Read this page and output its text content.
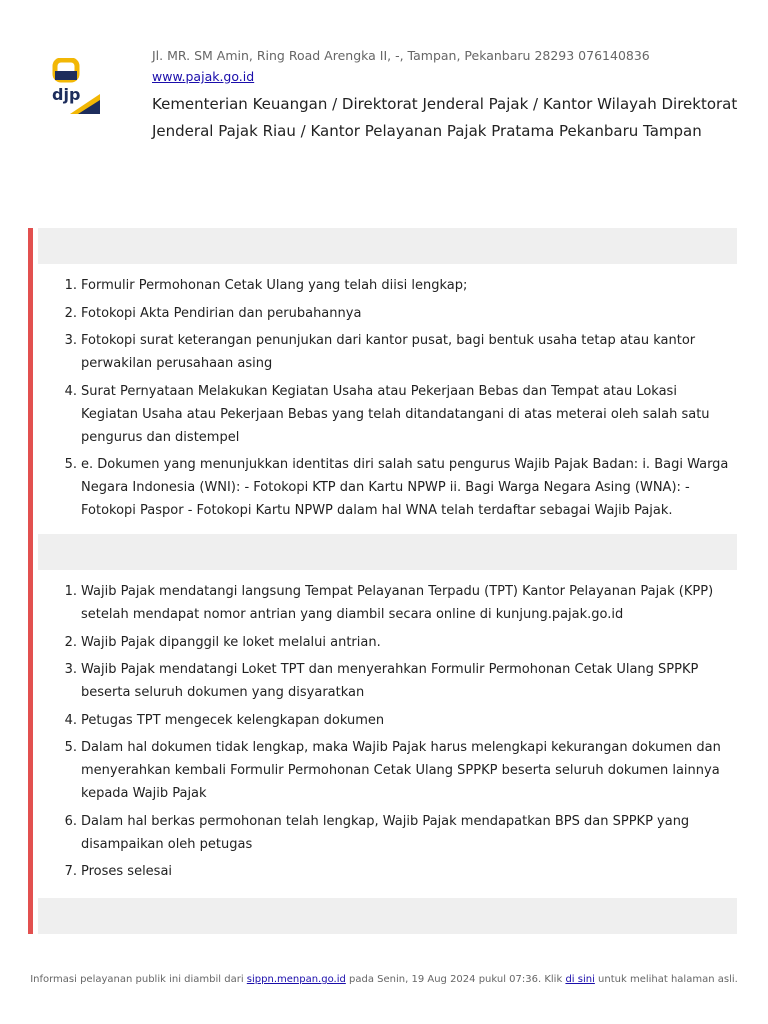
djp
Jl. MR. SM Amin, Ring Road Arengka II, -, Tampan, Pekanbaru 28293 076140836
www.pajak.go.id
Kementerian Keuangan / Direktorat Jenderal Pajak / Kantor Wilayah Direktorat Jenderal Pajak Riau / Kantor Pelayanan Pajak Pratama Pekanbaru Tampan
1. Formulir Permohonan Cetak Ulang yang telah diisi lengkap;
2. Fotokopi Akta Pendirian dan perubahannya
3. Fotokopi surat keterangan penunjukan dari kantor pusat, bagi bentuk usaha tetap atau kantor perwakilan perusahaan asing
4. Surat Pernyataan Melakukan Kegiatan Usaha atau Pekerjaan Bebas dan Tempat atau Lokasi Kegiatan Usaha atau Pekerjaan Bebas yang telah ditandatangani di atas meterai oleh salah satu pengurus dan distempel
5. e. Dokumen yang menunjukkan identitas diri salah satu pengurus Wajib Pajak Badan: i. Bagi Warga Negara Indonesia (WNI): - Fotokopi KTP dan Kartu NPWP ii. Bagi Warga Negara Asing (WNA): - Fotokopi Paspor - Fotokopi Kartu NPWP dalam hal WNA telah terdaftar sebagai Wajib Pajak.
1. Wajib Pajak mendatangi langsung Tempat Pelayanan Terpadu (TPT) Kantor Pelayanan Pajak (KPP) setelah mendapat nomor antrian yang diambil secara online di kunjung.pajak.go.id
2. Wajib Pajak dipanggil ke loket melalui antrian.
3. Wajib Pajak mendatangi Loket TPT dan menyerahkan Formulir Permohonan Cetak Ulang SPPKP beserta seluruh dokumen yang disyaratkan
4. Petugas TPT mengecek kelengkapan dokumen
5. Dalam hal dokumen tidak lengkap, maka Wajib Pajak harus melengkapi kekurangan dokumen dan menyerahkan kembali Formulir Permohonan Cetak Ulang SPPKP beserta seluruh dokumen lainnya kepada Wajib Pajak
6. Dalam hal berkas permohonan telah lengkap, Wajib Pajak mendapatkan BPS dan SPPKP yang disampaikan oleh petugas
7. Proses selesai
Informasi pelayanan publik ini diambil dari sippn.menpan.go.id pada Senin, 19 Aug 2024 pukul 07:36. Klik di sini untuk melihat halaman asli.
